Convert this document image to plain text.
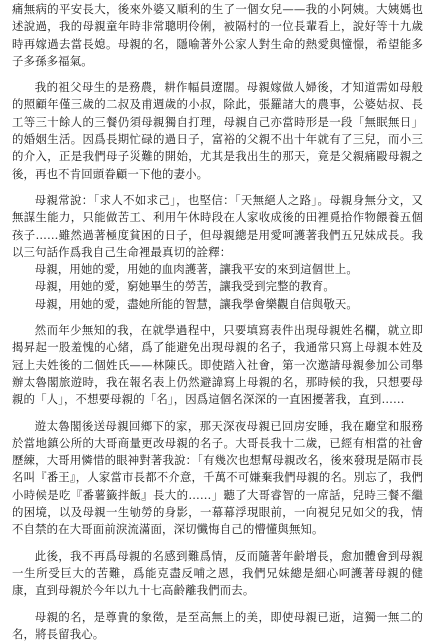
痛無病的平安長大，後來外婆又順利的生了一個女兒——我的小阿姨。大姨媽也述說過，我的母親童年時非常聰明伶俐，被隔村的一位長輩看上，說好等十九歲時再嫁過去當長媳。母親的名，隱喻著外公家人對生命的熱愛與憧憬，希望能多子多孫多福氣。

我的祖父母生的是務農，耕作幅員遼闊。母親嫁做人婦後，才知道需如母般的照顧年僅三歲的二叔及甫週歲的小叔，除此，張羅諸大的農事，公婆姑叔、長工等三十餘人的三餐仍須母親獨自打理，母親自己亦當時形是一段「無眠無日」的婚姻生活。因爲長期忙碌的過日子，富裕的父親不出十年就有了三兒，而小三的介入，正是我們母子災難的開始，尤其是我出生的那天，竟是父親痛毆母親之後，再也不肯回頭眷顧一下他的妻小。

母親常說：「求人不如求己」，也堅信：「天無絕人之路」。母親身無分文，又無謀生能力，只能做苦工、利用午休時段在人家收成後的田裡覓拾作物餵養五個孩子……雖然過著極度貧困的日子，但母親總是用愛呵護著我們五兄妹成長。我以三句話作爲我自己生命裡最真切的詮釋：

母親，用她的愛，用她的血肉護著，讓我平安的來到這個世上。

母親，用她的愛，窮她畢生的勞苦，讓我受到完整的教育。

母親，用她的愛，盡她所能的智慧，讓我學會樂觀自信與敬天。

然而年少無知的我，在就學過程中，只要填寫表件出現母親姓名欄，就立即揭昇起一股羞愧的心緒，爲了能避免出現母親的名子，我通常只寫上母親本姓及冠上夫姓後的二個姓氏——林陳氏。即使踏入社會，第一次邀請母親參加公司舉辦太魯閣旅遊時，我在報名表上仍然避諱寫上母親的名，那時候的我，只想要母親的「人」，不想要母親的「名」，因爲這個名深深的一直困擾著我，直到……

遊太魯閣後送母親回鄉下的家，那天深夜母親已回房安睡，我在廳堂和服務於當地鎮公所的大哥商量更改母親的名子。大哥長我十二歲，已經有相當的社會歷練，大哥用憐惜的眼神對著我說：「有幾次也想幫母親改名，後來發現是隔市長名叫『番王』，人家當市長都不介意，千萬不可嫌棄我們母親的名。別忘了，我們小時候是吃『番薯籤拌飯』長大的……」聽了大哥睿智的一席話，兒時三餐不繼的困境，以及母親一生劬勞的身影，一幕幕浮現眼前，一向視兒兄如父的我，情不自禁的在大哥面前淚流滿面，深切懺悔自己的懵懂與無知。

此後，我不再爲母親的名感到難爲情，反而隨著年齡增長，愈加體會到母親一生所受巨大的苦難，爲能克盡反哺之恩，我們兄妹總是細心呵護著母親的健康，直到母親於今年以九十七高齡離我們而去。

母親的名，是尊貴的象徵，是至高無上的美，即使母親已逝，這獨一無二的名，將長留我心。
